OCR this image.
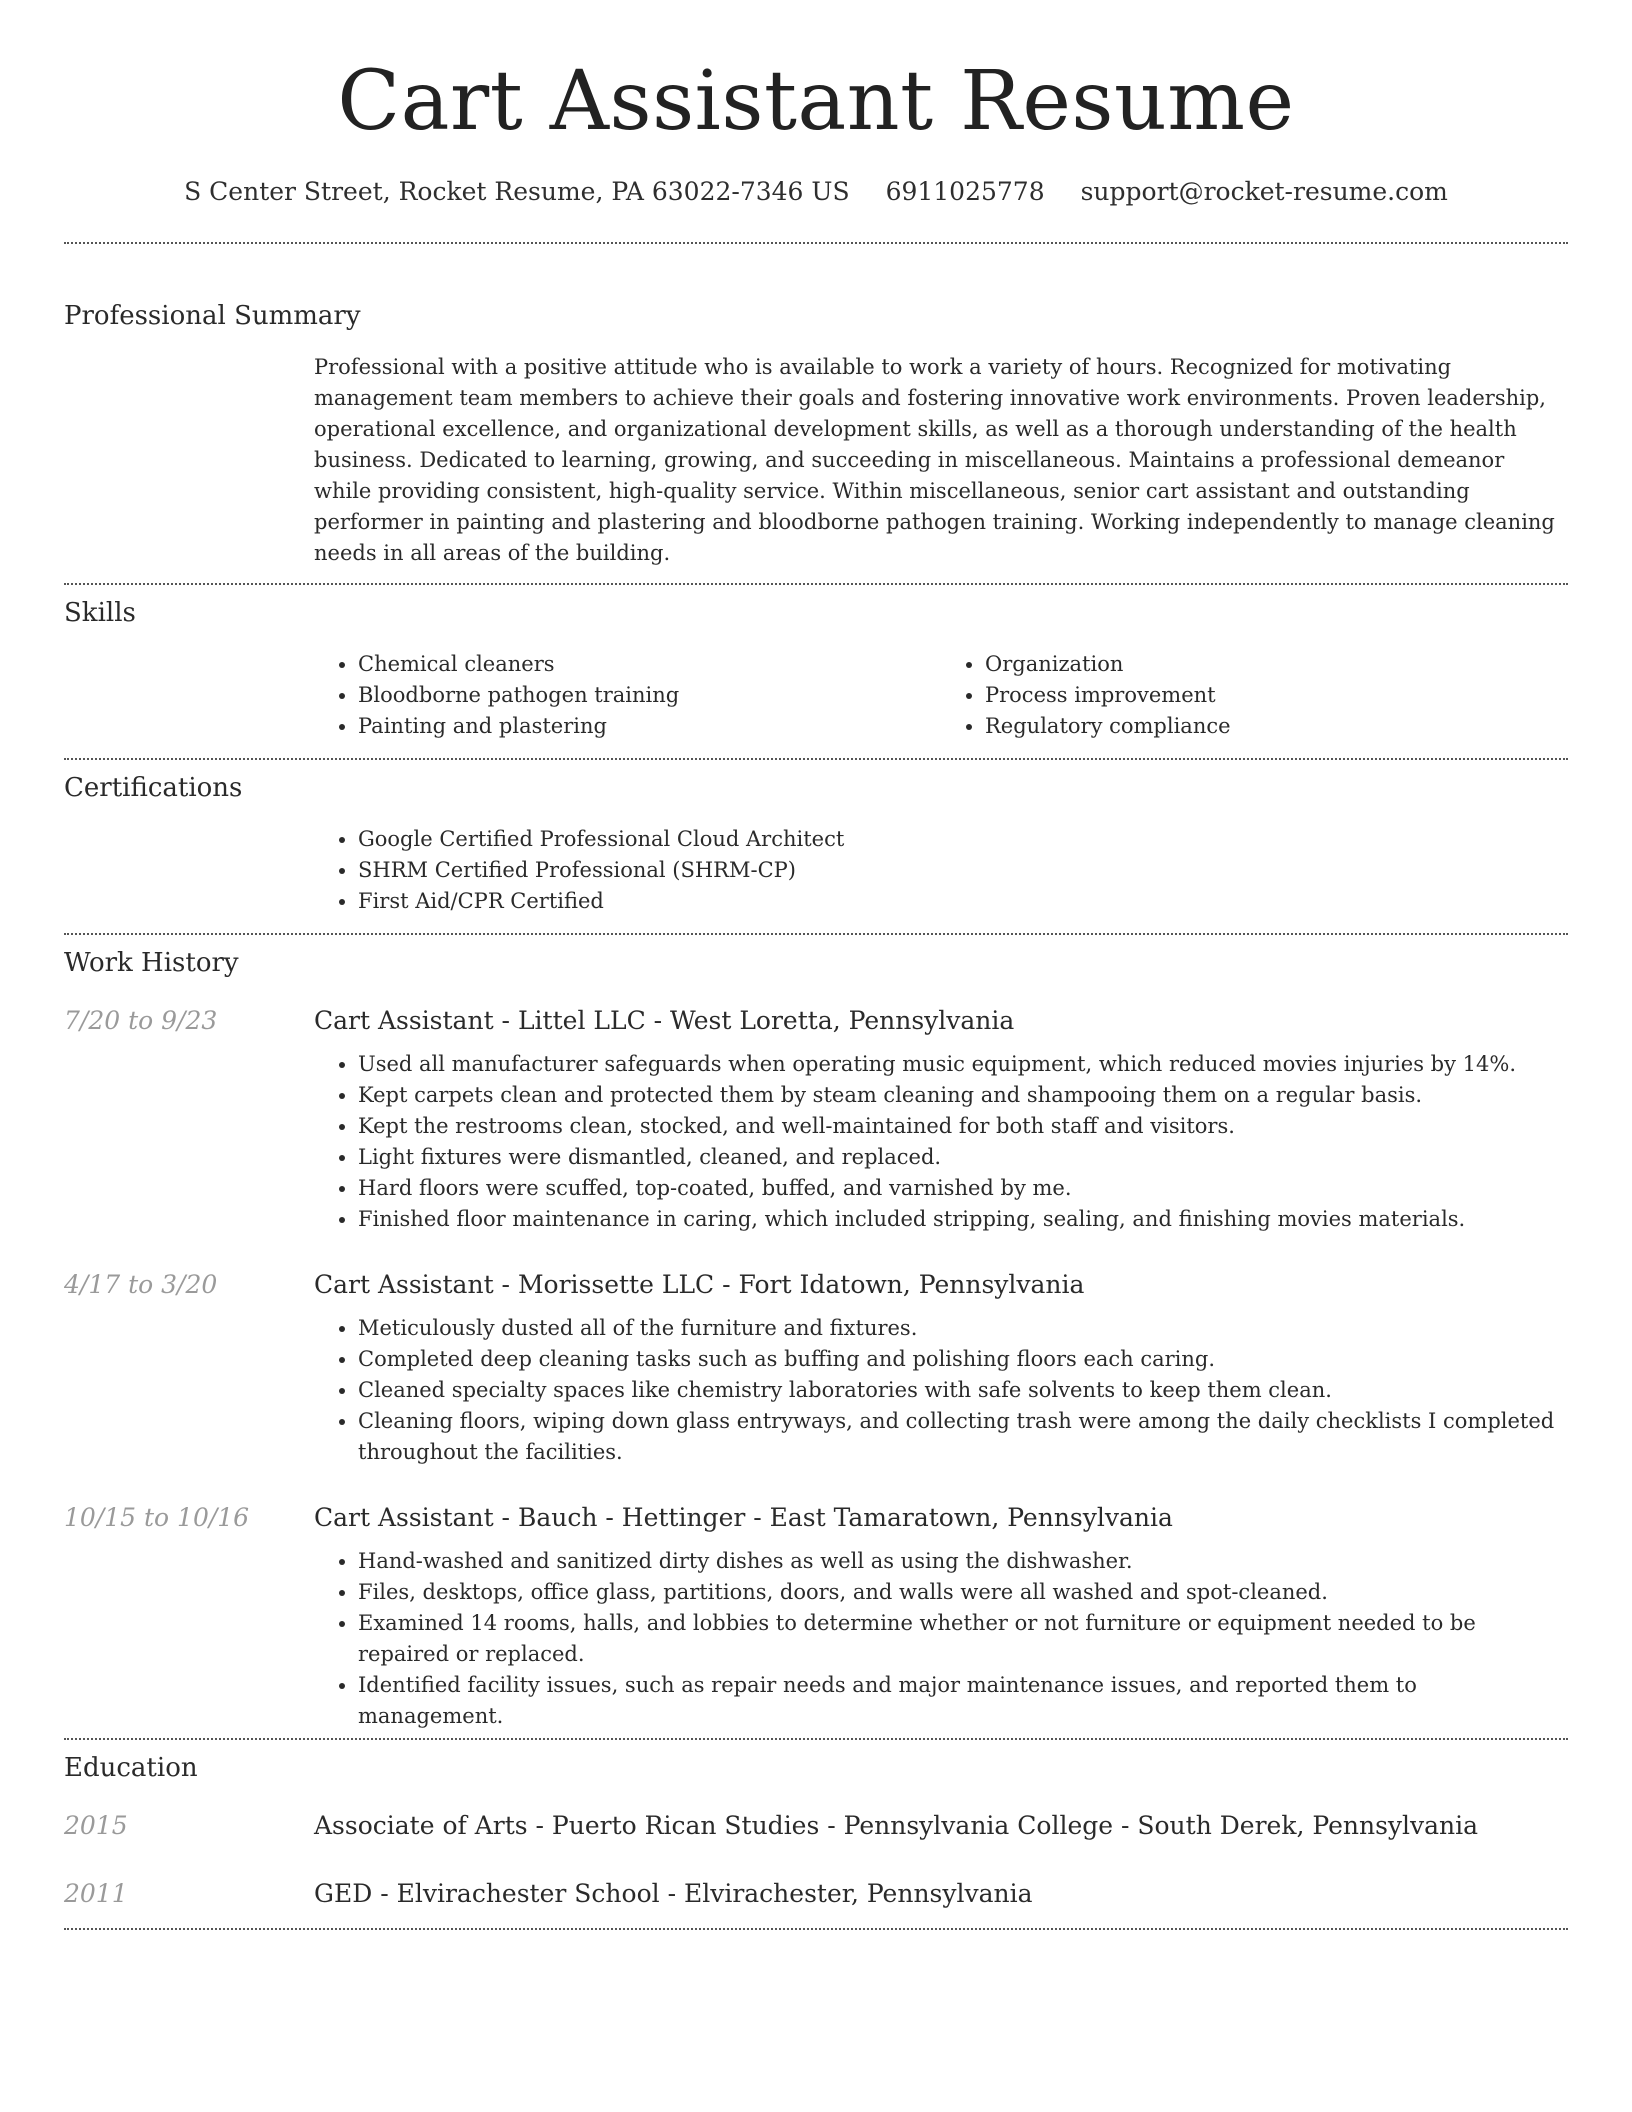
Cart Assistant Resume
S Center Street, Rocket Resume, PA 63022-7346 US 6911025778 support@rocket-resume.com
Professional Summary
Professional with a positive attitude who is available to work a variety of hours. Recognized for motivating management team members to achieve their goals and fostering innovative work environments. Proven leadership, operational excellence, and organizational development skills, as well as a thorough understanding of the health business. Dedicated to learning, growing, and succeeding in miscellaneous. Maintains a professional demeanor while providing consistent, high-quality service. Within miscellaneous, senior cart assistant and outstanding performer in painting and plastering and bloodborne pathogen training. Working independently to manage cleaning needs in all areas of the building.
Skills
• Chemical cleaners
• Bloodborne pathogen training
• Painting and plastering
• Organization
• Process improvement
• Regulatory compliance
Certifications
• Google Certified Professional Cloud Architect
• SHRM Certified Professional (SHRM-CP)
• First Aid/CPR Certified
Work History
7/20 to 9/23	Cart Assistant - Littel LLC - West Loretta, Pennsylvania
• Used all manufacturer safeguards when operating music equipment, which reduced movies injuries by 14%.
• Kept carpets clean and protected them by steam cleaning and shampooing them on a regular basis.
• Kept the restrooms clean, stocked, and well-maintained for both staff and visitors.
• Light fixtures were dismantled, cleaned, and replaced.
• Hard floors were scuffed, top-coated, buffed, and varnished by me.
• Finished floor maintenance in caring, which included stripping, sealing, and finishing movies materials.
4/17 to 3/20	Cart Assistant - Morissette LLC - Fort Idatown, Pennsylvania
• Meticulously dusted all of the furniture and fixtures.
• Completed deep cleaning tasks such as buffing and polishing floors each caring.
• Cleaned specialty spaces like chemistry laboratories with safe solvents to keep them clean.
• Cleaning floors, wiping down glass entryways, and collecting trash were among the daily checklists I completed throughout the facilities.
10/15 to 10/16	Cart Assistant - Bauch - Hettinger - East Tamaratown, Pennsylvania
• Hand-washed and sanitized dirty dishes as well as using the dishwasher.
• Files, desktops, office glass, partitions, doors, and walls were all washed and spot-cleaned.
• Examined 14 rooms, halls, and lobbies to determine whether or not furniture or equipment needed to be repaired or replaced.
• Identified facility issues, such as repair needs and major maintenance issues, and reported them to management.
Education
2015	Associate of Arts - Puerto Rican Studies - Pennsylvania College - South Derek, Pennsylvania
2011	GED - Elvirachester School - Elvirachester, Pennsylvania
